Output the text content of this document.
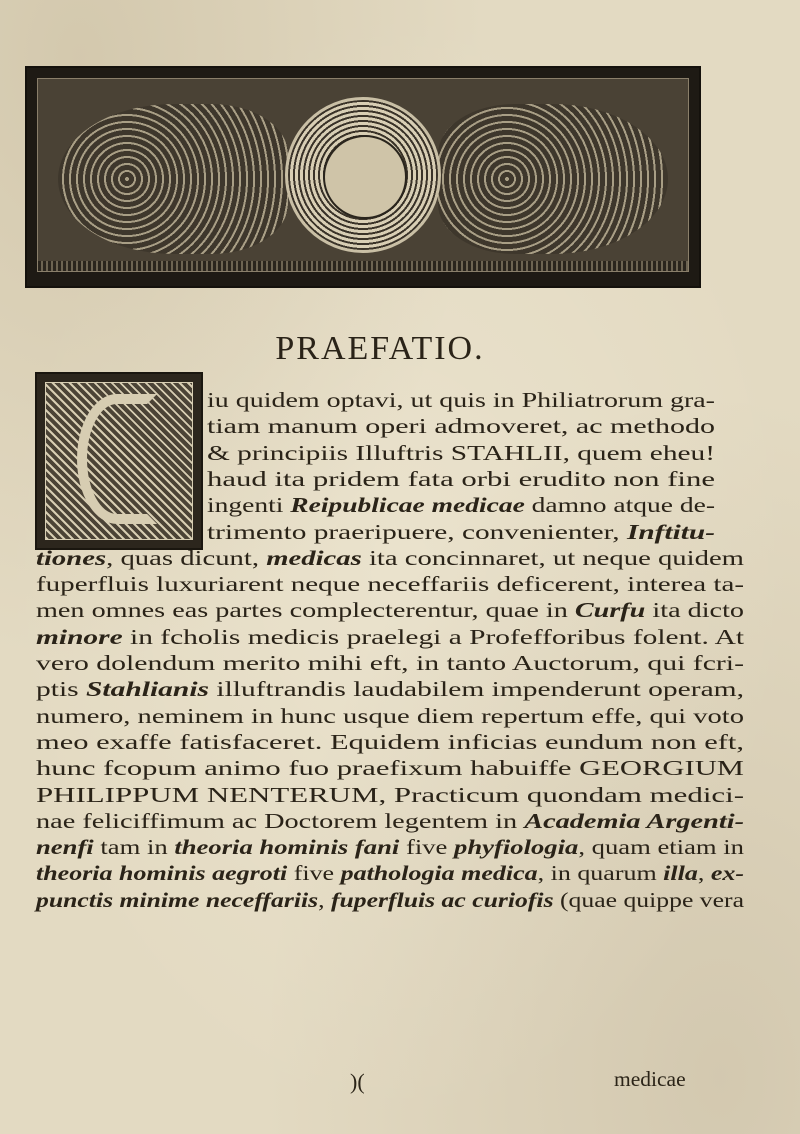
PRAEFATIO.
iu quidem optavi, ut quis in Philiatrorum gra-
tiam manum operi admoveret, ac methodo
& principiis Illuftris STAHLII, quem eheu!
haud ita pridem fata orbi erudito non fine
ingenti Reipublicae medicae damno atque de-
trimento praeripuere, convenienter, Inftitu-
tiones, quas dicunt, medicas ita concinnaret, ut neque quidem
fuperfluis luxuriarent neque neceffariis deficerent, interea ta-
men omnes eas partes complecterentur, quae in Curfu ita dicto
minore in fcholis medicis praelegi a Profefforibus folent. At
vero dolendum merito mihi eft, in tanto Auctorum, qui fcri-
ptis Stahlianis illuftrandis laudabilem impenderunt operam,
numero, neminem in hunc usque diem repertum effe, qui voto
meo exaffe fatisfaceret. Equidem inficias eundum non eft,
hunc fcopum animo fuo praefixum habuiffe GEORGIUM
PHILIPPUM NENTERUM, Practicum quondam medici-
nae feliciffimum ac Doctorem legentem in Academia Argenti-
nenfi tam in theoria hominis fani five phyfiologia, quam etiam in
theoria hominis aegroti five pathologia medica, in quarum illa, ex-
punctis minime neceffariis, fuperfluis ac curiofis (quae quippe vera
)(	medicae
